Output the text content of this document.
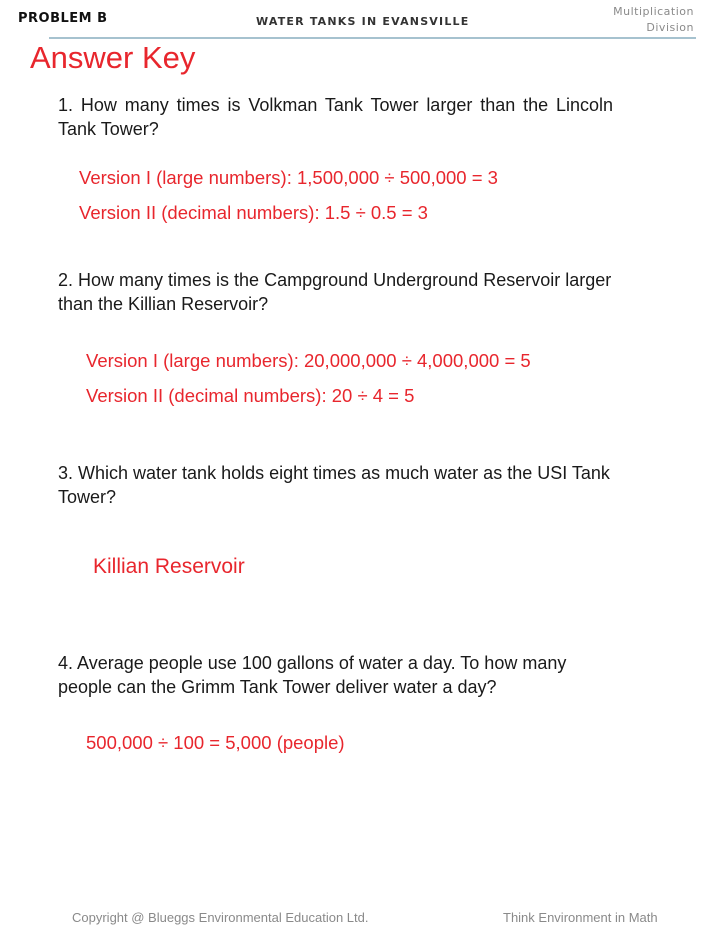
PROBLEM B	WATER TANKS IN EVANSVILLE
Multiplication
Division
Answer Key
1. How many times is Volkman Tank Tower larger than the Lincoln Tank Tower?
Version I (large numbers): 1,500,000 ÷ 500,000 = 3
Version II (decimal numbers): 1.5 ÷ 0.5 = 3
2. How many times is the Campground Underground Reservoir larger than the Killian Reservoir?
Version I (large numbers): 20,000,000 ÷ 4,000,000 = 5
Version II (decimal numbers): 20 ÷ 4 = 5
3. Which water tank holds eight times as much water as the USI Tank Tower?
Killian Reservoir
4. Average people use 100 gallons of water a day. To how many people can the Grimm Tank Tower deliver water a day?
500,000 ÷ 100 = 5,000 (people)
Copyright @ Blueggs Environmental Education Ltd.	Think Environment in Math
